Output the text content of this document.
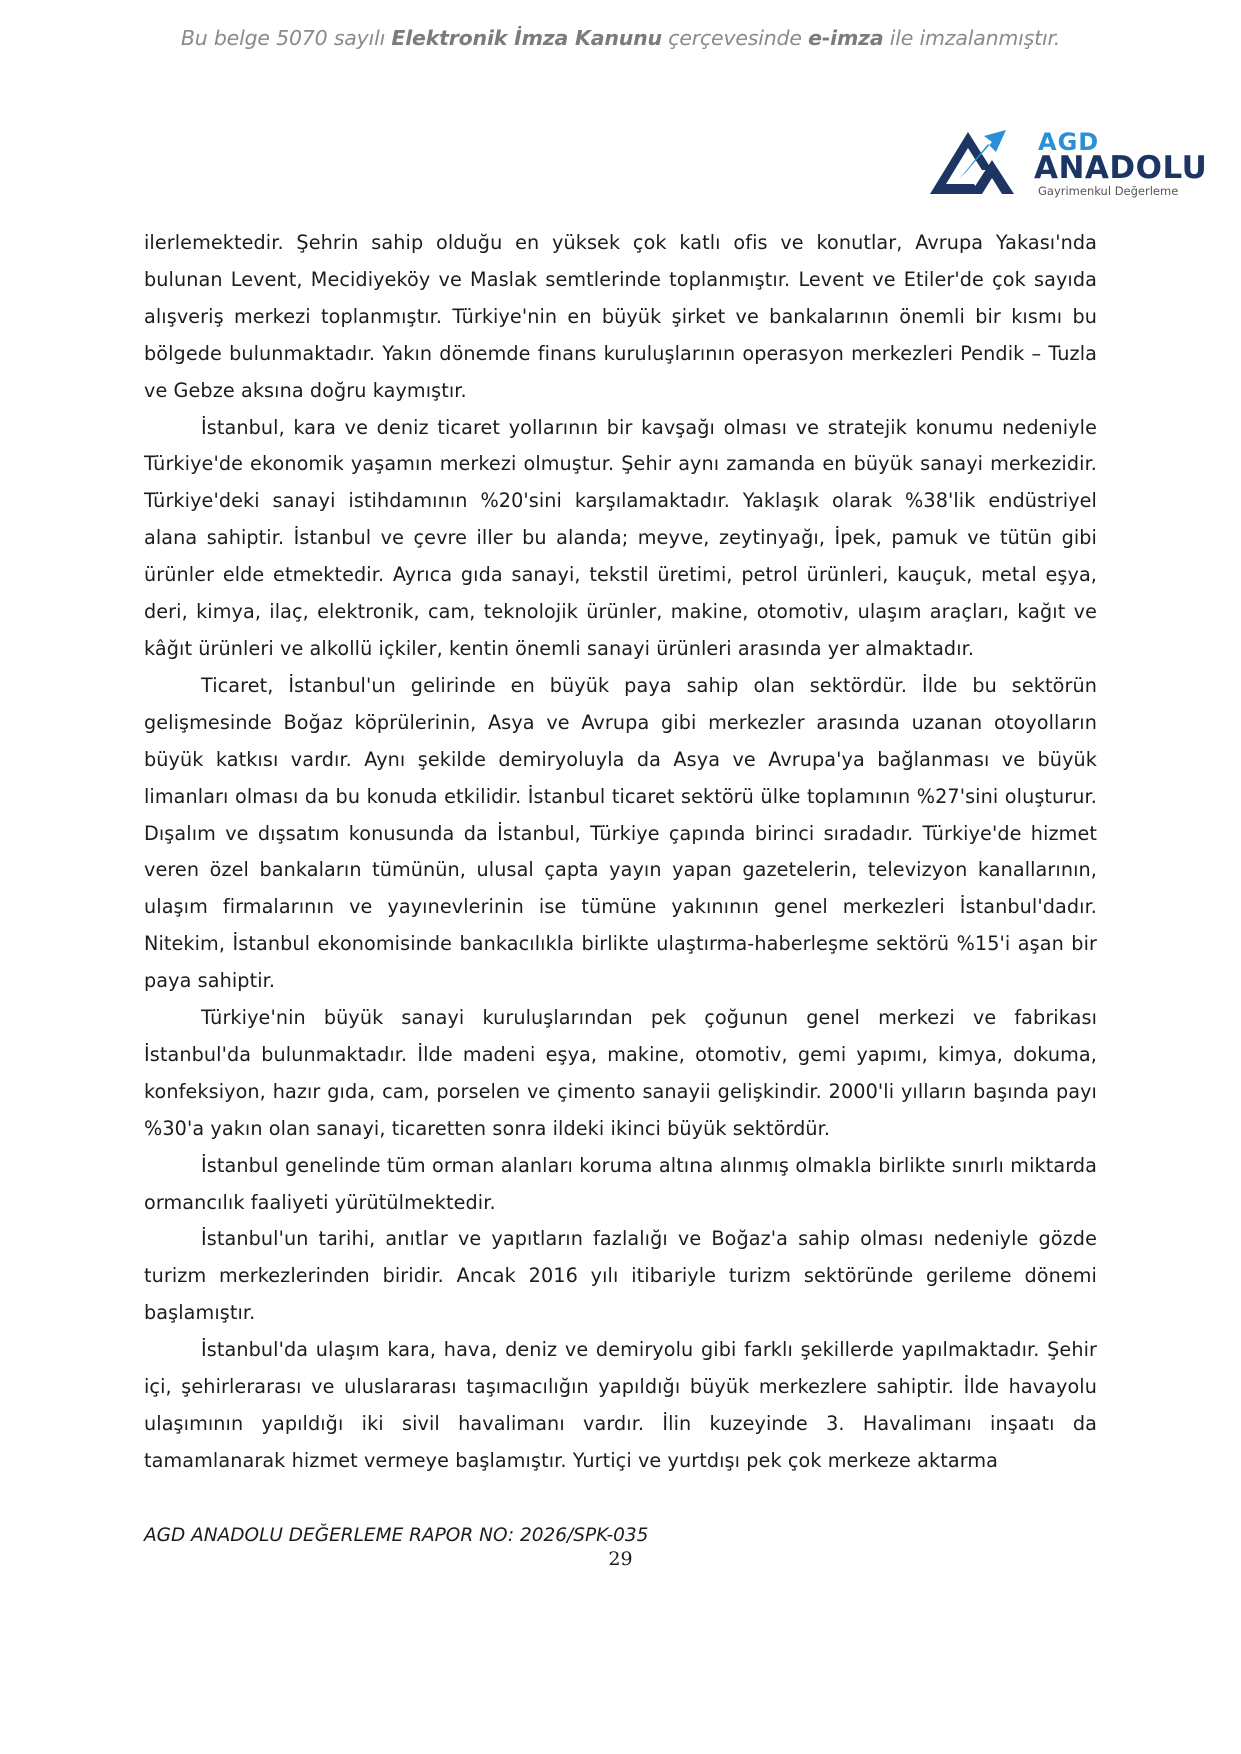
Bu belge 5070 sayılı Elektronik İmza Kanunu çerçevesinde e-imza ile imzalanmıştır.
AGD
ANADOLU
Gayrimenkul Değerleme

ilerlemektedir. Şehrin sahip olduğu en yüksek çok katlı ofis ve konutlar, Avrupa Yakası'nda bulunan Levent, Mecidiyeköy ve Maslak semtlerinde toplanmıştır. Levent ve Etiler'de çok sayıda alışveriş merkezi toplanmıştır. Türkiye'nin en büyük şirket ve bankalarının önemli bir kısmı bu bölgede bulunmaktadır. Yakın dönemde finans kuruluşlarının operasyon merkezleri Pendik – Tuzla ve Gebze aksına doğru kaymıştır.

İstanbul, kara ve deniz ticaret yollarının bir kavşağı olması ve stratejik konumu nedeniyle Türkiye'de ekonomik yaşamın merkezi olmuştur. Şehir aynı zamanda en büyük sanayi merkezidir. Türkiye'deki sanayi istihdamının %20'sini karşılamaktadır. Yaklaşık olarak %38'lik endüstriyel alana sahiptir. İstanbul ve çevre iller bu alanda; meyve, zeytinyağı, İpek, pamuk ve tütün gibi ürünler elde etmektedir. Ayrıca gıda sanayi, tekstil üretimi, petrol ürünleri, kauçuk, metal eşya, deri, kimya, ilaç, elektronik, cam, teknolojik ürünler, makine, otomotiv, ulaşım araçları, kağıt ve kâğıt ürünleri ve alkollü içkiler, kentin önemli sanayi ürünleri arasında yer almaktadır.

Ticaret, İstanbul'un gelirinde en büyük paya sahip olan sektördür. İlde bu sektörün gelişmesinde Boğaz köprülerinin, Asya ve Avrupa gibi merkezler arasında uzanan otoyolların büyük katkısı vardır. Aynı şekilde demiryoluyla da Asya ve Avrupa'ya bağlanması ve büyük limanları olması da bu konuda etkilidir. İstanbul ticaret sektörü ülke toplamının %27'sini oluşturur. Dışalım ve dışsatım konusunda da İstanbul, Türkiye çapında birinci sıradadır. Türkiye'de hizmet veren özel bankaların tümünün, ulusal çapta yayın yapan gazetelerin, televizyon kanallarının, ulaşım firmalarının ve yayınevlerinin ise tümüne yakınının genel merkezleri İstanbul'dadır. Nitekim, İstanbul ekonomisinde bankacılıkla birlikte ulaştırma-haberleşme sektörü %15'i aşan bir paya sahiptir.

Türkiye'nin büyük sanayi kuruluşlarından pek çoğunun genel merkezi ve fabrikası İstanbul'da bulunmaktadır. İlde madeni eşya, makine, otomotiv, gemi yapımı, kimya, dokuma, konfeksiyon, hazır gıda, cam, porselen ve çimento sanayii gelişkindir. 2000'li yılların başında payı %30'a yakın olan sanayi, ticaretten sonra ildeki ikinci büyük sektördür.

İstanbul genelinde tüm orman alanları koruma altına alınmış olmakla birlikte sınırlı miktarda ormancılık faaliyeti yürütülmektedir.

İstanbul'un tarihi, anıtlar ve yapıtların fazlalığı ve Boğaz'a sahip olması nedeniyle gözde turizm merkezlerinden biridir. Ancak 2016 yılı itibariyle turizm sektöründe gerileme dönemi başlamıştır.

İstanbul'da ulaşım kara, hava, deniz ve demiryolu gibi farklı şekillerde yapılmaktadır. Şehir içi, şehirlerarası ve uluslararası taşımacılığın yapıldığı büyük merkezlere sahiptir. İlde havayolu ulaşımının yapıldığı iki sivil havalimanı vardır. İlin kuzeyinde 3. Havalimanı inşaatı da tamamlanarak hizmet vermeye başlamıştır. Yurtiçi ve yurtdışı pek çok merkeze aktarma

AGD ANADOLU DEĞERLEME RAPOR NO: 2026/SPK-035
29
